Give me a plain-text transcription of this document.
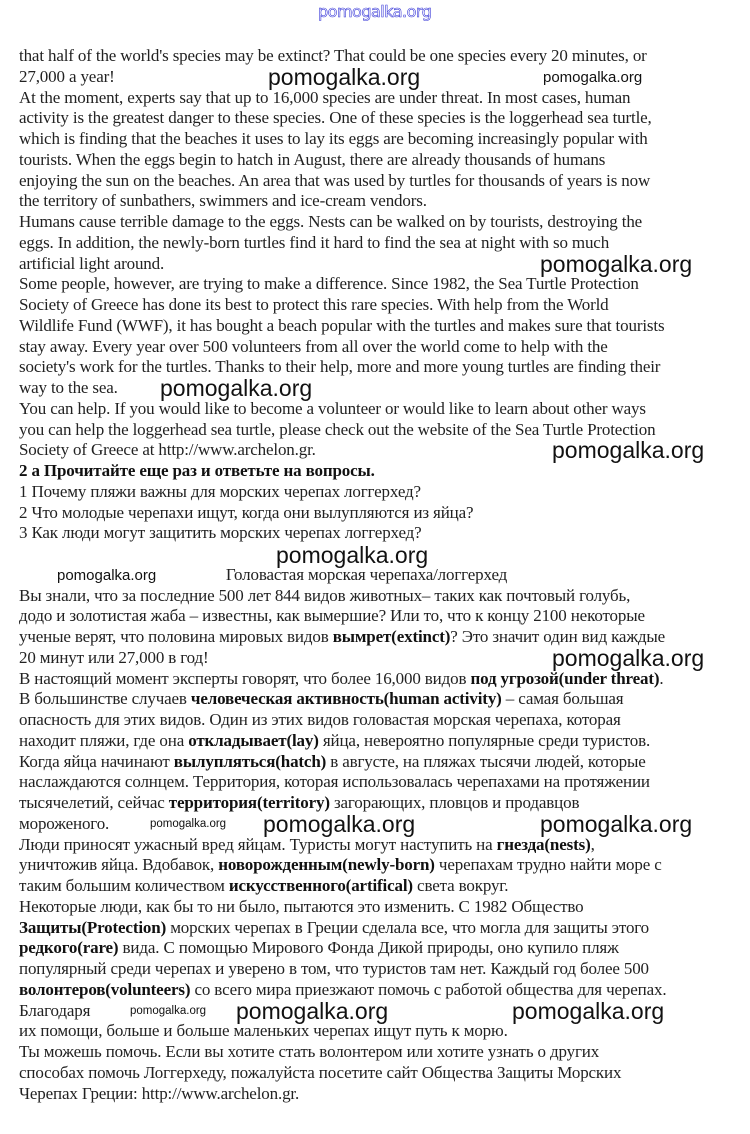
pomogalka.org
that half of the world's species may be extinct? That could be one species every 20 minutes, or
27,000 a year!
At the moment, experts say that up to 16,000 species are under threat. In most cases, human
activity is the greatest danger to these species. One of these species is the loggerhead sea turtle,
which is finding that the beaches it uses to lay its eggs are becoming increasingly popular with
tourists. When the eggs begin to hatch in August, there are already thousands of humans
enjoying the sun on the beaches. An area that was used by turtles for thousands of years is now
the territory of sunbathers, swimmers and ice-cream vendors.
Humans cause terrible damage to the eggs. Nests can be walked on by tourists, destroying the
eggs. In addition, the newly-born turtles find it hard to find the sea at night with so much
artificial light around.
Some people, however, are trying to make a difference. Since 1982, the Sea Turtle Protection
Society of Greece has done its best to protect this rare species. With help from the World
Wildlife Fund (WWF), it has bought a beach popular with the turtles and makes sure that tourists
stay away. Every year over 500 volunteers from all over the world come to help with the
society's work for the turtles. Thanks to their help, more and more young turtles are finding their
way to the sea.
You can help. If you would like to become a volunteer or would like to learn about other ways
you can help the loggerhead sea turtle, please check out the website of the Sea Turtle Protection
Society of Greece at http://www.archelon.gr.
2 а Прочитайте еще раз и ответьте на вопросы.
1 Почему пляжи важны для морских черепах логгерхед?
2 Что молодые черепахи ищут, когда они вылупляются из яйца?
3 Как люди могут защитить морских черепах логгерхед?
Головастая морская черепаха/логгерхед
Вы знали, что за последние 500 лет 844 видов животных– таких как почтовый голубь,
додо и золотистая жаба – известны, как вымершие? Или то, что к концу 2100 некоторые
ученые верят, что половина мировых видов вымрет(extinct)? Это значит один вид каждые
20 минут или 27,000 в год!
В настоящий момент эксперты говорят, что более 16,000 видов под угрозой(under threat).
В большинстве случаев человеческая активность(human activity) – самая большая
опасность для этих видов. Один из этих видов головастая морская черепаха, которая
находит пляжи, где она откладывает(lay) яйца, невероятно популярные среди туристов.
Когда яйца начинают вылупляться(hatch) в августе, на пляжах тысячи людей, которые
наслаждаются солнцем. Территория, которая использовалась черепахами на протяжении
тысячелетий, сейчас территория(territory) загорающих, пловцов и продавцов
мороженого.
Люди приносят ужасный вред яйцам. Туристы могут наступить на гнезда(nests),
уничтожив яйца. Вдобавок, новорожденным(newly-born) черепахам трудно найти море с
таким большим количеством искусственного(artifical) света вокруг.
Некоторые люди, как бы то ни было, пытаются это изменить. С 1982 Общество
Защиты(Protection) морских черепах в Греции сделала все, что могла для защиты этого
редкого(rare) вида. С помощью Мирового Фонда Дикой природы, оно купило пляж
популярный среди черепах и уверено в том, что туристов там нет. Каждый год более 500
волонтеров(volunteers) со всего мира приезжают помочь с работой общества для черепах.
Благодаря
их помощи, больше и больше маленьких черепах ищут путь к морю.
Ты можешь помочь. Если вы хотите стать волонтером или хотите узнать о других
способах помочь Логгерхеду, пожалуйста посетите сайт Общества Защиты Морских
Черепах Греции: http://www.archelon.gr.
pomogalka.org	pomogalka.org
pomogalka.org
pomogalka.org
pomogalka.org
pomogalka.org
pomogalka.org
pomogalka.org
pomogalka.org pomogalka.org	pomogalka.org
pomogalka.org pomogalka.org	pomogalka.org
